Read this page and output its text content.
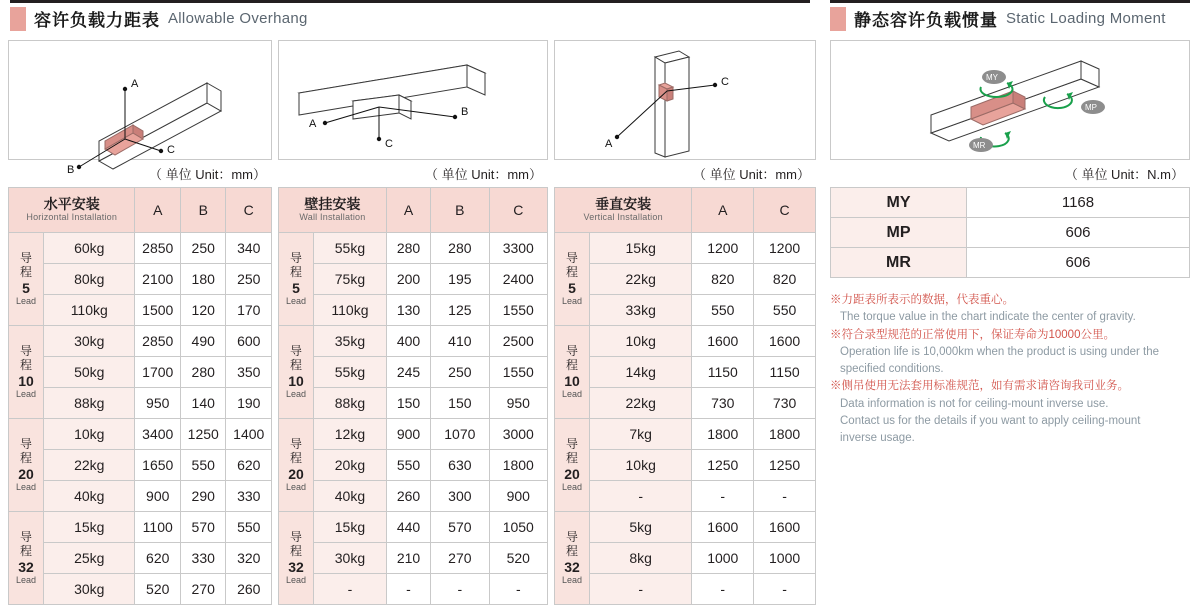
容许负载力距表 Allowable Overhang	静态容许负载惯量 Static Loading Moment
A
B
C
（ 单位 Unit：mm）
水平安装
Horizontal Installation		A	B	C

导
程
5
Lead	60kg	2850	250	340
	80kg	2100	180	250
	110kg	1500	120	170

导
程
10
Lead	30kg	2850	490	600
	50kg	1700	280	350
	88kg	950	140	190

导
程
20
Lead	10kg	3400	1250	1400
	22kg	1650	550	620
	40kg	900	290	330

导
程
32
Lead	15kg	1100	570	550
	25kg	620	330	320
	30kg	520	270	260
A
B
C
（ 单位 Unit：mm）
壁挂安装
Wall Installation		A	B	C

导
程
5
Lead	55kg	280	280	3300
	75kg	200	195	2400
	110kg	130	125	1550

导
程
10
Lead	35kg	400	410	2500
	55kg	245	250	1550
	88kg	150	150	950

导
程
20
Lead	12kg	900	1070	3000
	20kg	550	630	1800
	40kg	260	300	900

导
程
32
Lead	15kg	440	570	1050
	30kg	210	270	520
	-	-	-	-
A
C
（ 单位 Unit：mm）
垂直安装
Vertical Installation		A	C

导
程
5
Lead	15kg	1200	1200
	22kg	820	820
	33kg	550	550

导
程
10
Lead	10kg	1600	1600
	14kg	1150	1150
	22kg	730	730

导
程
20
Lead	7kg	1800	1800
	10kg	1250	1250
	-	-	-

导
程
32
Lead	5kg	1600	1600
	8kg	1000	1000
	-	-	-
MY
MP
MR
（ 单位 Unit：N.m）
MY	1168
MP	606
MR	606
※力距表所表示的数据，代表重心。
The torque value in the chart indicate the center of gravity.
※符合录型规范的正常使用下，保证寿命为10000公里。
Operation life is 10,000km when the product is using under the
specified conditions.
※侧吊使用无法套用标准规范，如有需求请咨询我司业务。
Data information is not for ceiling-mount inverse use.
Contact us for the details if you want to apply ceiling-mount
inverse usage.
